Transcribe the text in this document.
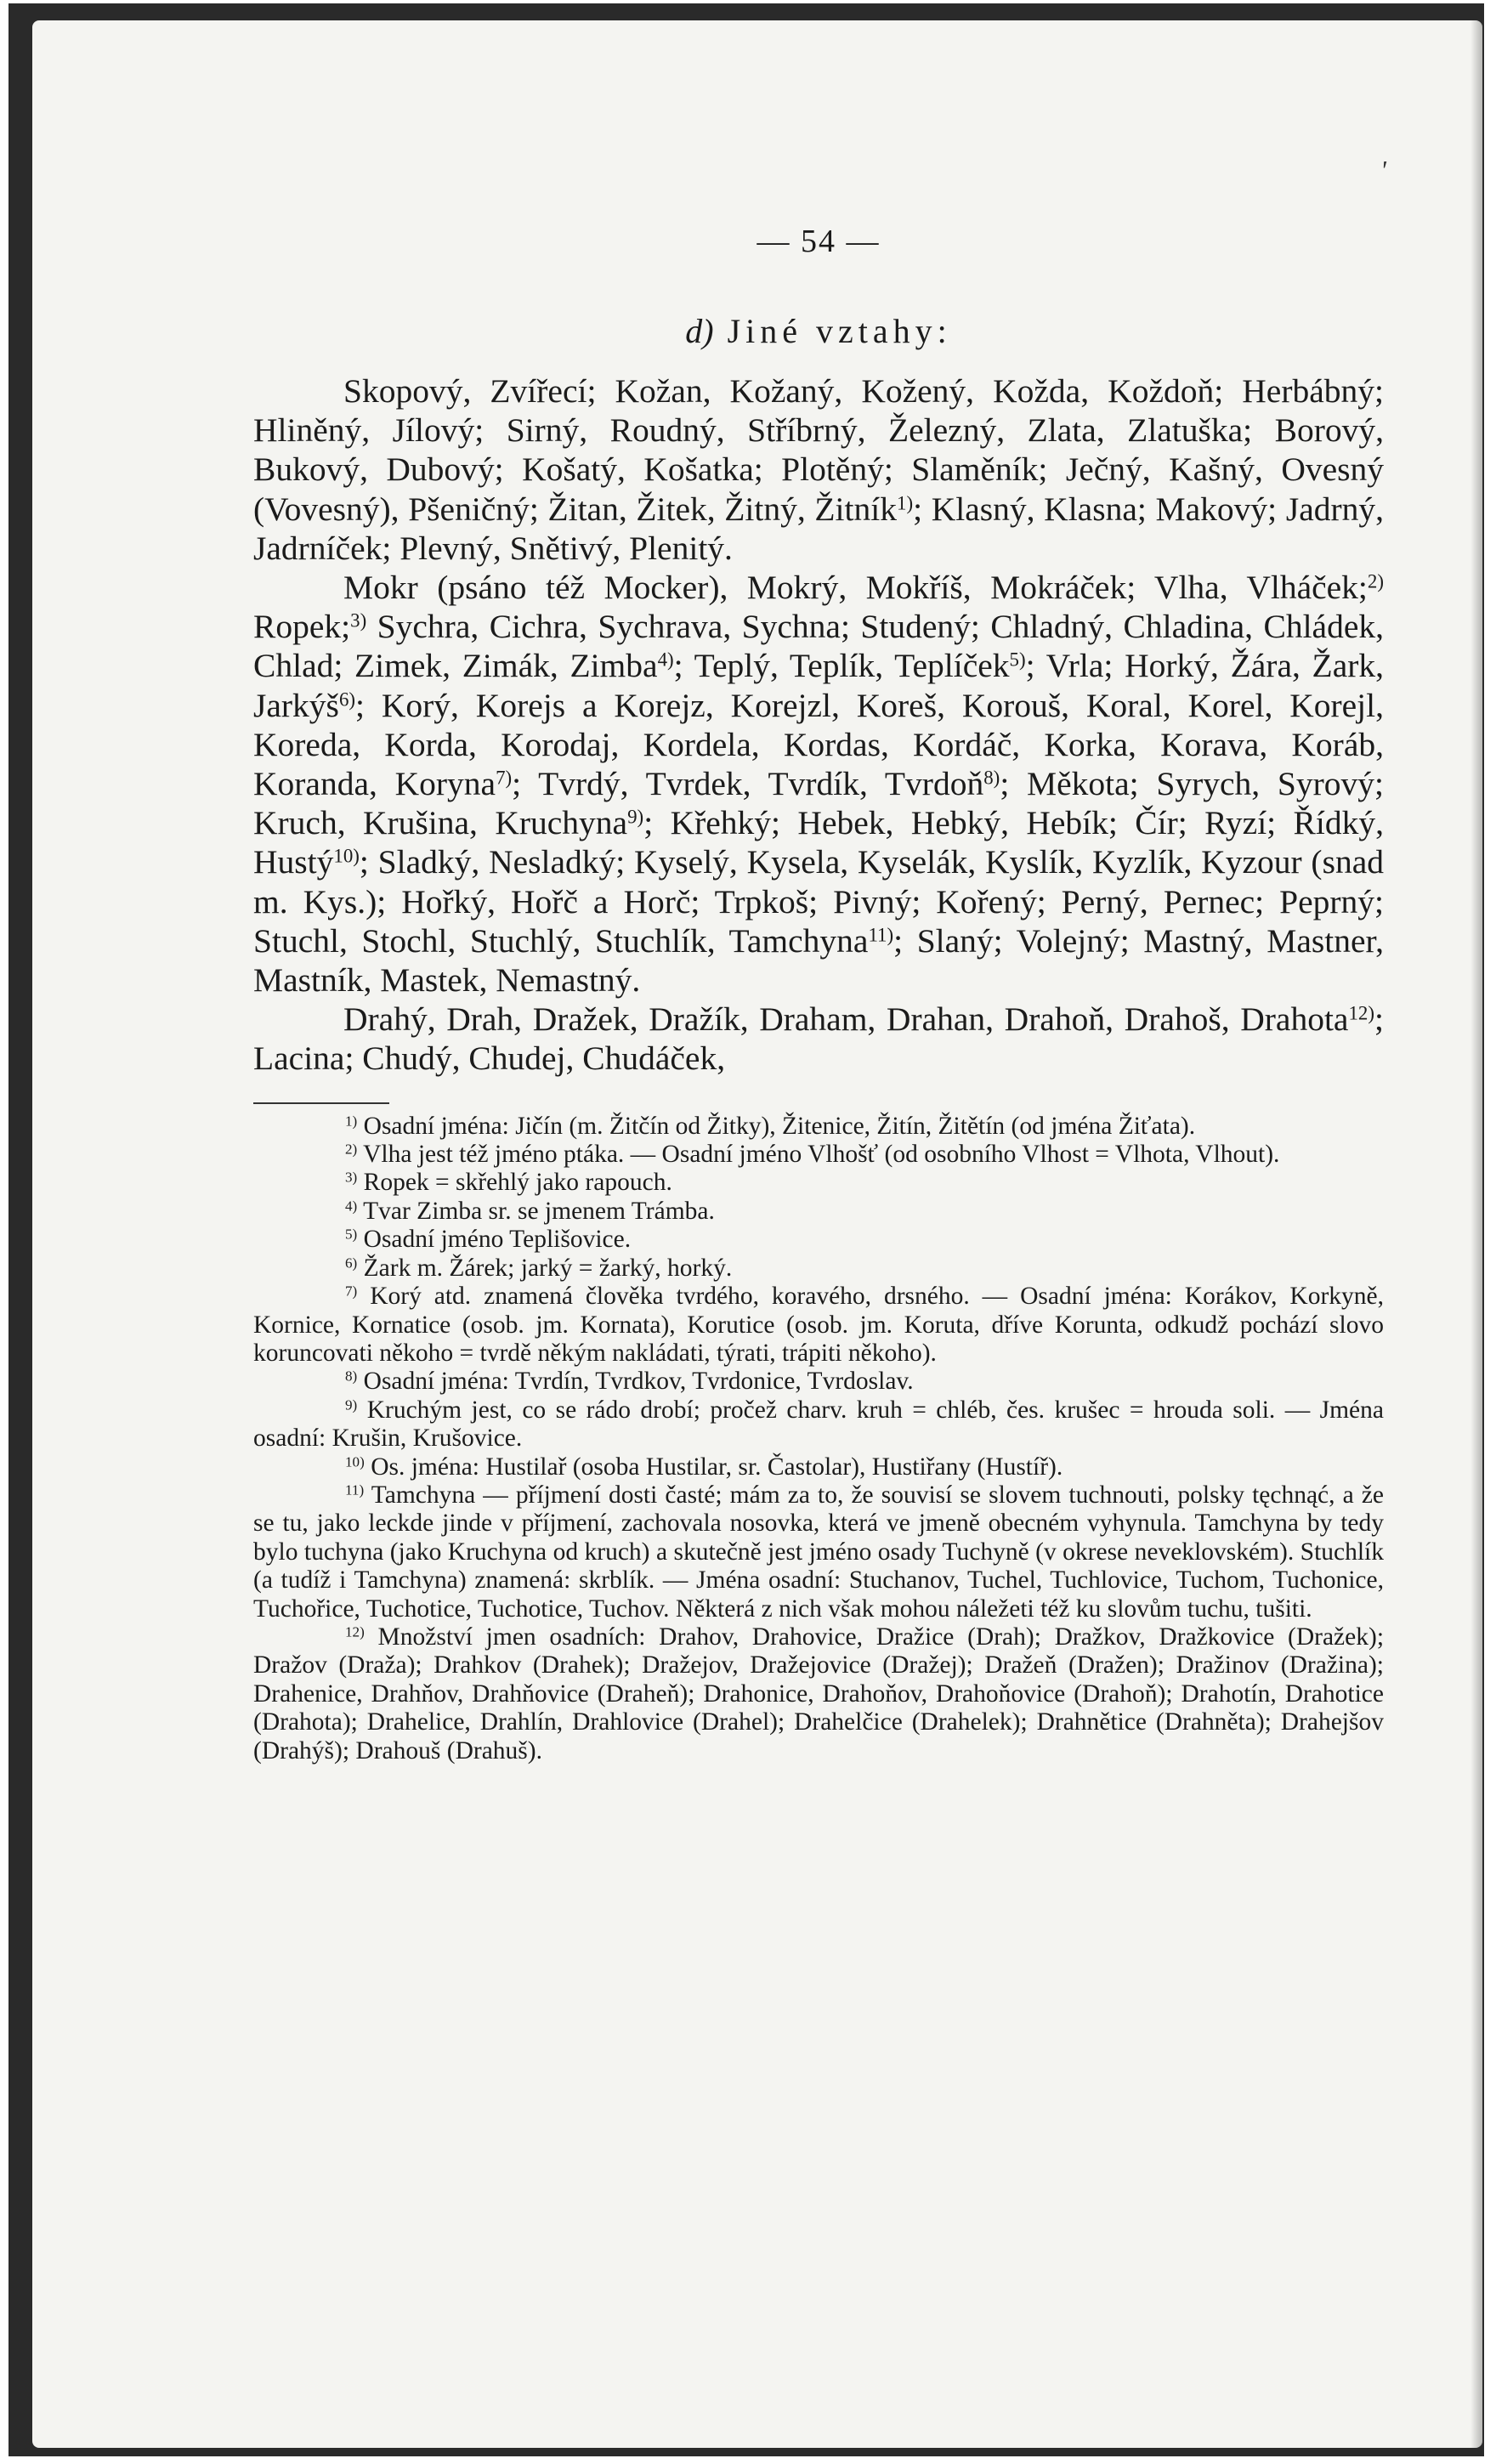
'
— 54 —
d) Jiné vztahy:

Skopový, Zvířecí; Kožan, Kožaný, Kožený, Kožda, Koždoň; Herbábný; Hliněný, Jílový; Sirný, Roudný, Stříbrný, Železný, Zlata, Zlatuška; Borový, Bukový, Dubový; Košatý, Košatka; Plotěný; Slaměník; Ječný, Kašný, Ovesný (Vovesný), Pšeničný; Žitan, Žitek, Žitný, Žitník$^{1)}$; Klasný, Klasna; Makový; Jadrný, Jadrníček; Plevný, Snětivý, Plenitý.

Mokr (psáno též Mocker), Mokrý, Mokříš, Mokráček; Vlha, Vlháček;$^{2)}$ Ropek;$^{3)}$ Sychra, Cichra, Sychrava, Sychna; Studený; Chladný, Chladina, Chládek, Chlad; Zimek, Zimák, Zimba$^{4)}$; Teplý, Teplík, Teplíček$^{5)}$; Vrla; Horký, Žára, Žark, Jarkýš$^{6)}$; Korý, Korejs a Korejz, Korejzl, Koreš, Korouš, Koral, Korel, Korejl, Koreda, Korda, Korodaj, Kordela, Kordas, Kordáč, Korka, Korava, Koráb, Koranda, Koryna$^{7)}$; Tvrdý, Tvrdek, Tvrdík, Tvrdoň$^{8)}$; Měkota; Syrych, Syrový; Kruch, Krušina, Kruchyna$^{9)}$; Křehký; Hebek, Hebký, Hebík; Čír; Ryzí; Řídký, Hustý$^{10)}$; Sladký, Nesladký; Kyselý, Kysela, Kyselák, Kyslík, Kyzlík, Kyzour (snad m. Kys.); Hořký, Hořč a Horč; Trpkoš; Pivný; Kořený; Perný, Pernec; Peprný; Stuchl, Stochl, Stuchlý, Stuchlík, Tamchyna$^{11)}$; Slaný; Volejný; Mastný, Mastner, Mastník, Mastek, Nemastný.

Drahý, Drah, Dražek, Dražík, Draham, Drahan, Drahoň, Drahoš, Drahota$^{12)}$; Lacina; Chudý, Chudej, Chudáček,

$^{1)}$ Osadní jména: Jičín (m. Žitčín od Žitky), Žitenice, Žitín, Žitětín (od jména Žiťata).

$^{2)}$ Vlha jest též jméno ptáka. — Osadní jméno Vlhošť (od osobního Vlhost = Vlhota, Vlhout).

$^{3)}$ Ropek = skřehlý jako rapouch.

$^{4)}$ Tvar Zimba sr. se jmenem Trámba.

$^{5)}$ Osadní jméno Teplišovice.

$^{6)}$ Žark m. Žárek; jarký = žarký, horký.

$^{7)}$ Korý atd. znamená člověka tvrdého, koravého, drsného. — Osadní jména: Korákov, Korkyně, Kornice, Kornatice (osob. jm. Kornata), Korutice (osob. jm. Koruta, dříve Korunta, odkudž pochází slovo koruncovati někoho = tvrdě někým nakládati, týrati, trápiti někoho).

$^{8)}$ Osadní jména: Tvrdín, Tvrdkov, Tvrdonice, Tvrdoslav.

$^{9)}$ Kruchým jest, co se rádo drobí; pročež charv. kruh = chléb, čes. krušec = hrouda soli. — Jména osadní: Krušin, Krušovice.

$^{10)}$ Os. jména: Hustilař (osoba Hustilar, sr. Častolar), Hustiřany (Hustíř).

$^{11)}$ Tamchyna — příjmení dosti časté; mám za to, že souvisí se slovem tuchnouti, polsky tęchnąć, a že se tu, jako leckde jinde v příjmení, zachovala nosovka, která ve jmeně obecném vyhynula. Tamchyna by tedy bylo tuchyna (jako Kruchyna od kruch) a skutečně jest jméno osady Tuchyně (v okrese neveklovském). Stuchlík (a tudíž i Tamchyna) znamená: skrblík. — Jména osadní: Stuchanov, Tuchel, Tuchlovice, Tuchom, Tuchonice, Tuchořice, Tuchotice, Tuchotice, Tuchov. Některá z nich však mohou náležeti též ku slovům tuchu, tušiti.

$^{12)}$ Množství jmen osadních: Drahov, Drahovice, Dražice (Drah); Dražkov, Dražkovice (Dražek); Dražov (Draža); Drahkov (Drahek); Dražejov, Dražejovice (Dražej); Dražeň (Dražen); Dražinov (Dražina); Drahenice, Drahňov, Drahňovice (Draheň); Drahonice, Drahoňov, Drahoňovice (Drahoň); Drahotín, Drahotice (Drahota); Drahelice, Drahlín, Drahlovice (Drahel); Drahelčice (Drahelek); Drahnětice (Drahněta); Drahejšov (Drahýš); Drahouš (Drahuš).
